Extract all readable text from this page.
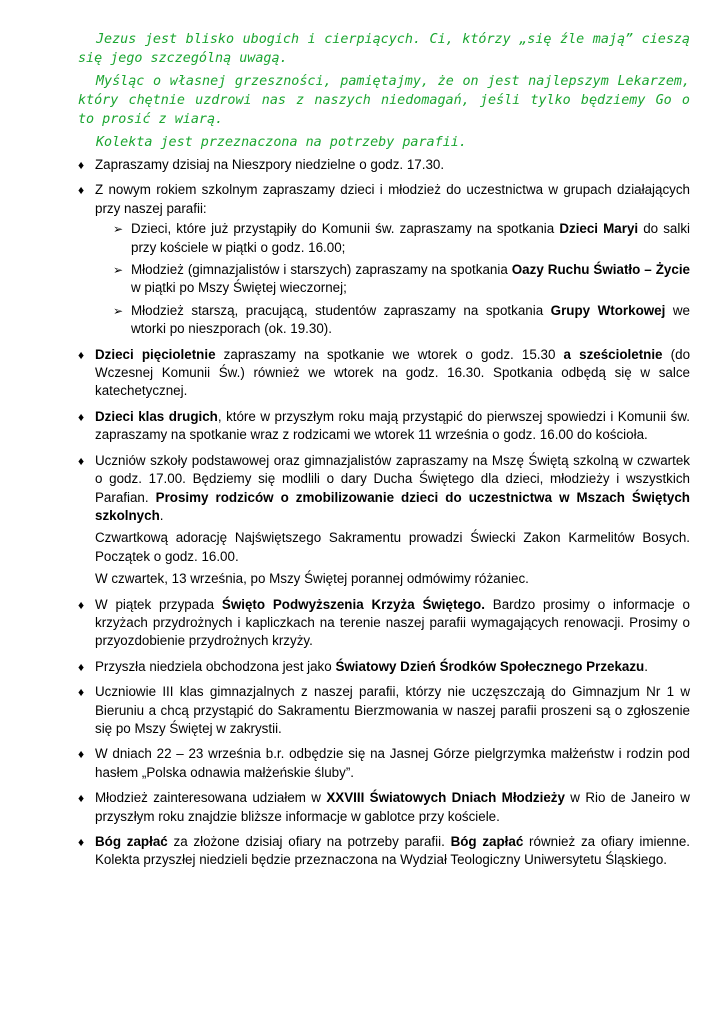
Jezus jest blisko ubogich i cierpiących. Ci, którzy „się źle mają” cieszą się jego szczególną uwagą.

Myśląc o własnej grzeszności, pamiętajmy, że on jest najlepszym Lekarzem, który chętnie uzdrowi nas z naszych niedomagań, jeśli tylko będziemy Go o to prosić z wiarą.

Kolekta jest przeznaczona na potrzeby parafii.

♦ Zapraszamy dzisiaj na Nieszpory niedzielne o godz. 17.30.
♦ Z nowym rokiem szkolnym zapraszamy dzieci i młodzież do uczestnictwa w grupach działających przy naszej parafii:
➢ Dzieci, które już przystąpiły do Komunii św. zapraszamy na spotkania Dzieci Maryi do salki przy kościele w piątki o godz. 16.00;
➢ Młodzież (gimnazjalistów i starszych) zapraszamy na spotkania Oazy Ruchu Światło – Życie w piątki po Mszy Świętej wieczornej;
➢ Młodzież starszą, pracującą, studentów zapraszamy na spotkania Grupy Wtorkowej we wtorki po nieszporach (ok. 19.30).
♦ Dzieci pięcioletnie zapraszamy na spotkanie we wtorek o godz. 15.30 a sześcioletnie (do Wczesnej Komunii Św.) również we wtorek na godz. 16.30. Spotkania odbędą się w salce katechetycznej.
♦ Dzieci klas drugich, które w przyszłym roku mają przystąpić do pierwszej spowiedzi i Komunii św. zapraszamy na spotkanie wraz z rodzicami we wtorek 11 września o godz. 16.00 do kościoła.
♦ Uczniów szkoły podstawowej oraz gimnazjalistów zapraszamy na Mszę Świętą szkolną w czwartek o godz. 17.00. Będziemy się modlili o dary Ducha Świętego dla dzieci, młodzieży i wszystkich Parafian. Prosimy rodziców o zmobilizowanie dzieci do uczestnictwa w Mszach Świętych szkolnych.

Czwartkową adorację Najświętszego Sakramentu prowadzi Świecki Zakon Karmelitów Bosych. Początek o godz. 16.00.

W czwartek, 13 września, po Mszy Świętej porannej odmówimy różaniec.

♦ W piątek przypada Święto Podwyższenia Krzyża Świętego. Bardzo prosimy o informacje o krzyżach przydrożnych i kapliczkach na terenie naszej parafii wymagających renowacji. Prosimy o przyozdobienie przydrożnych krzyży.
♦ Przyszła niedziela obchodzona jest jako Światowy Dzień Środków Społecznego Przekazu.
♦ Uczniowie III klas gimnazjalnych z naszej parafii, którzy nie uczęszczają do Gimnazjum Nr 1 w Bieruniu a chcą przystąpić do Sakramentu Bierzmowania w naszej parafii proszeni są o zgłoszenie się po Mszy Świętej w zakrystii.
♦ W dniach 22 – 23 września b.r. odbędzie się na Jasnej Górze pielgrzymka małżeństw i rodzin pod hasłem „Polska odnawia małżeńskie śluby”.
♦ Młodzież zainteresowana udziałem w XXVIII Światowych Dniach Młodzieży w Rio de Janeiro w przyszłym roku znajdzie bliższe informacje w gablotce przy kościele.
♦ Bóg zapłać za złożone dzisiaj ofiary na potrzeby parafii. Bóg zapłać również za ofiary imienne. Kolekta przyszłej niedzieli będzie przeznaczona na Wydział Teologiczny Uniwersytetu Śląskiego.
